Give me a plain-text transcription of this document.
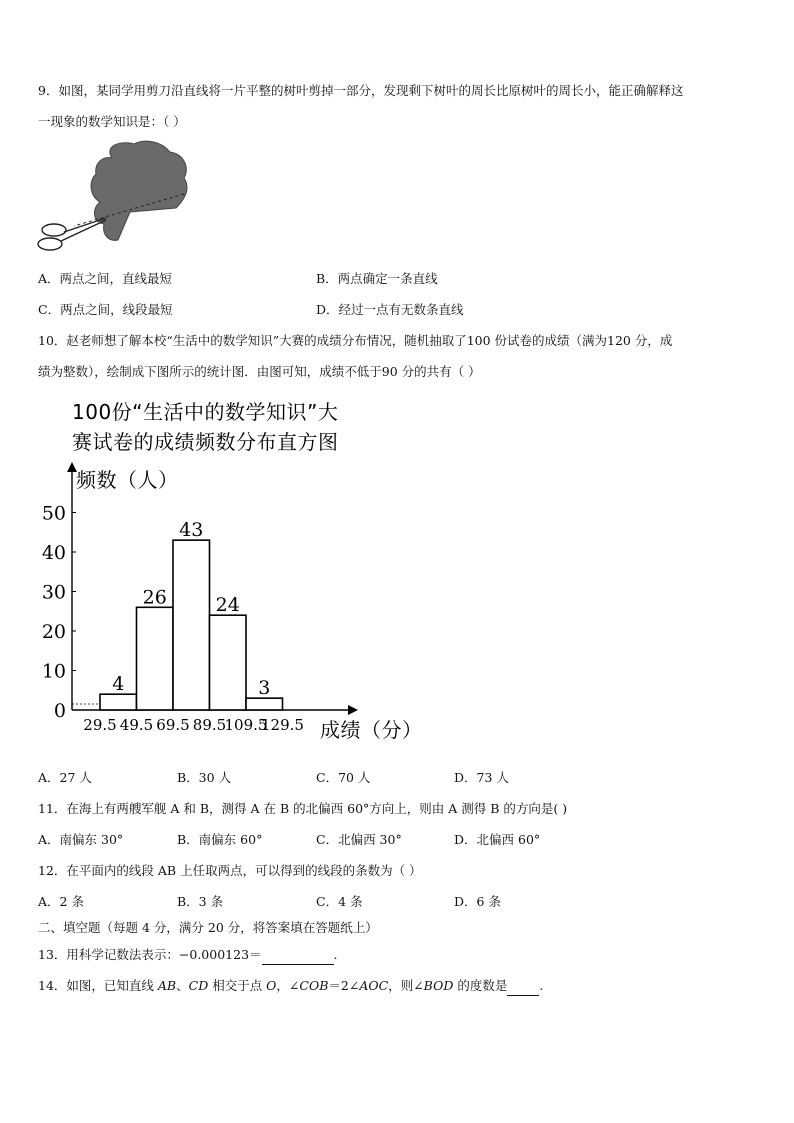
9．如图，某同学用剪刀沿直线将一片平整的树叶剪掉一部分，发现剩下树叶的周长比原树叶的周长小，能正确解释这
一现象的数学知识是：（ ）
A．两点之间，直线最短	B．两点确定一条直线
C．两点之间，线段最短	D．经过一点有无数条直线
10．赵老师想了解本校“生活中的数学知识”大赛的成绩分布情况，随机抽取了100 份试卷的成绩（满为120 分，成
绩为整数），绘制成下图所示的统计图．由图可知，成绩不低于90 分的共有（ ）
100份“生活中的数学知识”大
赛试卷的成绩频数分布直方图
频数（人）
成绩（分）
0
10
20
30
40
50
29.5 49.5 69.5 89.5
109.5
129.5
4
26
43
24
3
A．27 人	B．30 人	C．70 人	D．73 人
11．在海上有两艘军舰 A 和 B，测得 A 在 B 的北偏西 60°方向上，则由 A 测得 B 的方向是( )
A．南偏东 30°	B．南偏东 60°	C．北偏西 30°	D．北偏西 60°
12．在平面内的线段 AB 上任取两点，可以得到的线段的条数为（ ）
A．2 条	B．3 条	C．4 条	D．6 条
二、填空题（每题 4 分，满分 20 分，将答案填在答题纸上）
13．用科学记数法表示：−0.000123＝	.
14．如图，已知直线 AB、CD 相交于点 O，∠COB＝2∠AOC，则∠BOD 的度数是	.
